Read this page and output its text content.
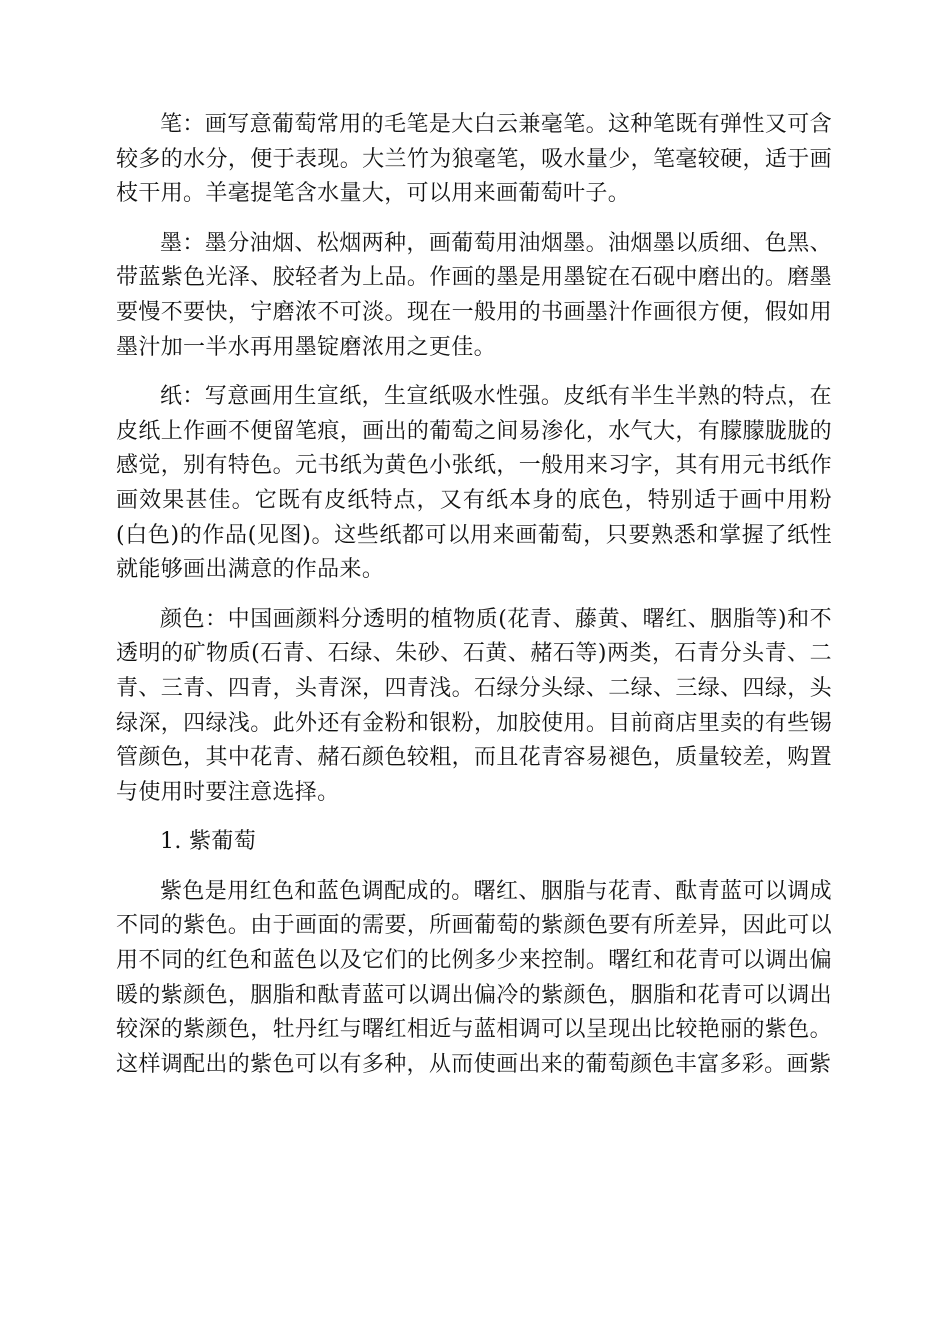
笔：画写意葡萄常用的毛笔是大白云兼毫笔。这种笔既有弹性又可含较多的水分，便于表现。大兰竹为狼毫笔，吸水量少，笔毫较硬，适于画枝干用。羊毫提笔含水量大，可以用来画葡萄叶子。

墨：墨分油烟、松烟两种，画葡萄用油烟墨。油烟墨以质细、色黑、带蓝紫色光泽、胶轻者为上品。作画的墨是用墨锭在石砚中磨出的。磨墨要慢不要快，宁磨浓不可淡。现在一般用的书画墨汁作画很方便，假如用墨汁加一半水再用墨锭磨浓用之更佳。

纸：写意画用生宣纸，生宣纸吸水性强。皮纸有半生半熟的特点，在皮纸上作画不便留笔痕，画出的葡萄之间易渗化，水气大，有朦朦胧胧的感觉，别有特色。元书纸为黄色小张纸，一般用来习字，其有用元书纸作画效果甚佳。它既有皮纸特点，又有纸本身的底色，特别适于画中用粉(白色)的作品(见图)。这些纸都可以用来画葡萄，只要熟悉和掌握了纸性就能够画出满意的作品来。

颜色：中国画颜料分透明的植物质(花青、藤黄、曙红、胭脂等)和不透明的矿物质(石青、石绿、朱砂、石黄、赭石等)两类，石青分头青、二青、三青、四青，头青深，四青浅。石绿分头绿、二绿、三绿、四绿，头绿深，四绿浅。此外还有金粉和银粉，加胶使用。目前商店里卖的有些锡管颜色，其中花青、赭石颜色较粗，而且花青容易褪色，质量较差，购置与使用时要注意选择。

1. 紫葡萄

紫色是用红色和蓝色调配成的。曙红、胭脂与花青、酞青蓝可以调成不同的紫色。由于画面的需要，所画葡萄的紫颜色要有所差异，因此可以用不同的红色和蓝色以及它们的比例多少来控制。曙红和花青可以调出偏暖的紫颜色，胭脂和酞青蓝可以调出偏冷的紫颜色，胭脂和花青可以调出较深的紫颜色，牡丹红与曙红相近与蓝相调可以呈现出比较艳丽的紫色。这样调配出的紫色可以有多种，从而使画出来的葡萄颜色丰富多彩。画紫
